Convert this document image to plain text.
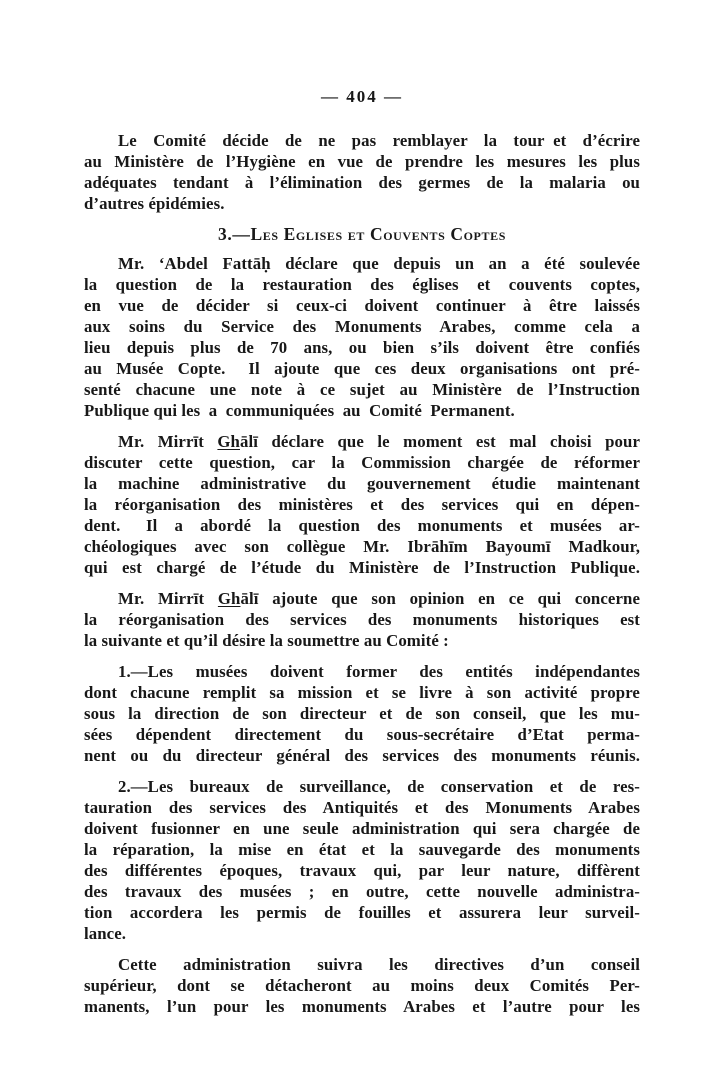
— 404 —
Le Comité décide de ne pas remblayer la tour et d’écrire
au Ministère de l’Hygiène en vue de prendre les mesures les plus
adéquates tendant à l’élimination des germes de la malaria ou
d’autres épidémies.
3.—Les Eglises et Couvents Coptes
Mr. ‘Abdel Fattāḥ déclare que depuis un an a été soulevée
la question de la restauration des églises et couvents coptes,
en vue de décider si ceux-ci doivent continuer à être laissés
aux soins du Service des Monuments Arabes, comme cela a
lieu depuis plus de 70 ans, ou bien s’ils doivent être confiés
au Musée Copte.  Il ajoute que ces deux organisations ont pré-
senté chacune une note à ce sujet au Ministère de l’Instruction
Publique qui les a communiquées au Comité Permanent.
Mr. Mirrīt Ghālī déclare que le moment est mal choisi pour
discuter cette question, car la Commission chargée de réformer
la machine administrative du gouvernement étudie maintenant
la réorganisation des ministères et des services qui en dépen-
dent.  Il a abordé la question des monuments et musées ar-
chéologiques avec son collègue Mr. Ibrāhīm Bayoumī Madkour,
qui est chargé de l’étude du Ministère de l’Instruction Publique.
Mr. Mirrīt Ghālī ajoute que son opinion en ce qui concerne
la réorganisation des services des monuments historiques est
la suivante et qu’il désire la soumettre au Comité :
1.—Les musées doivent former des entités indépendantes
dont chacune remplit sa mission et se livre à son activité propre
sous la direction de son directeur et de son conseil, que les mu-
sées dépendent directement du sous-secrétaire d’Etat perma-
nent ou du directeur général des services des monuments réunis.
2.—Les bureaux de surveillance, de conservation et de res-
tauration des services des Antiquités et des Monuments Arabes
doivent fusionner en une seule administration qui sera chargée de
la réparation, la mise en état et la sauvegarde des monuments
des différentes époques, travaux qui, par leur nature, diffèrent
des travaux des musées ; en outre, cette nouvelle administra-
tion accordera les permis de fouilles et assurera leur surveil-
lance.
Cette administration suivra les directives d’un conseil
supérieur, dont se détacheront au moins deux Comités Per-
manents, l’un pour les monuments Arabes et l’autre pour les
